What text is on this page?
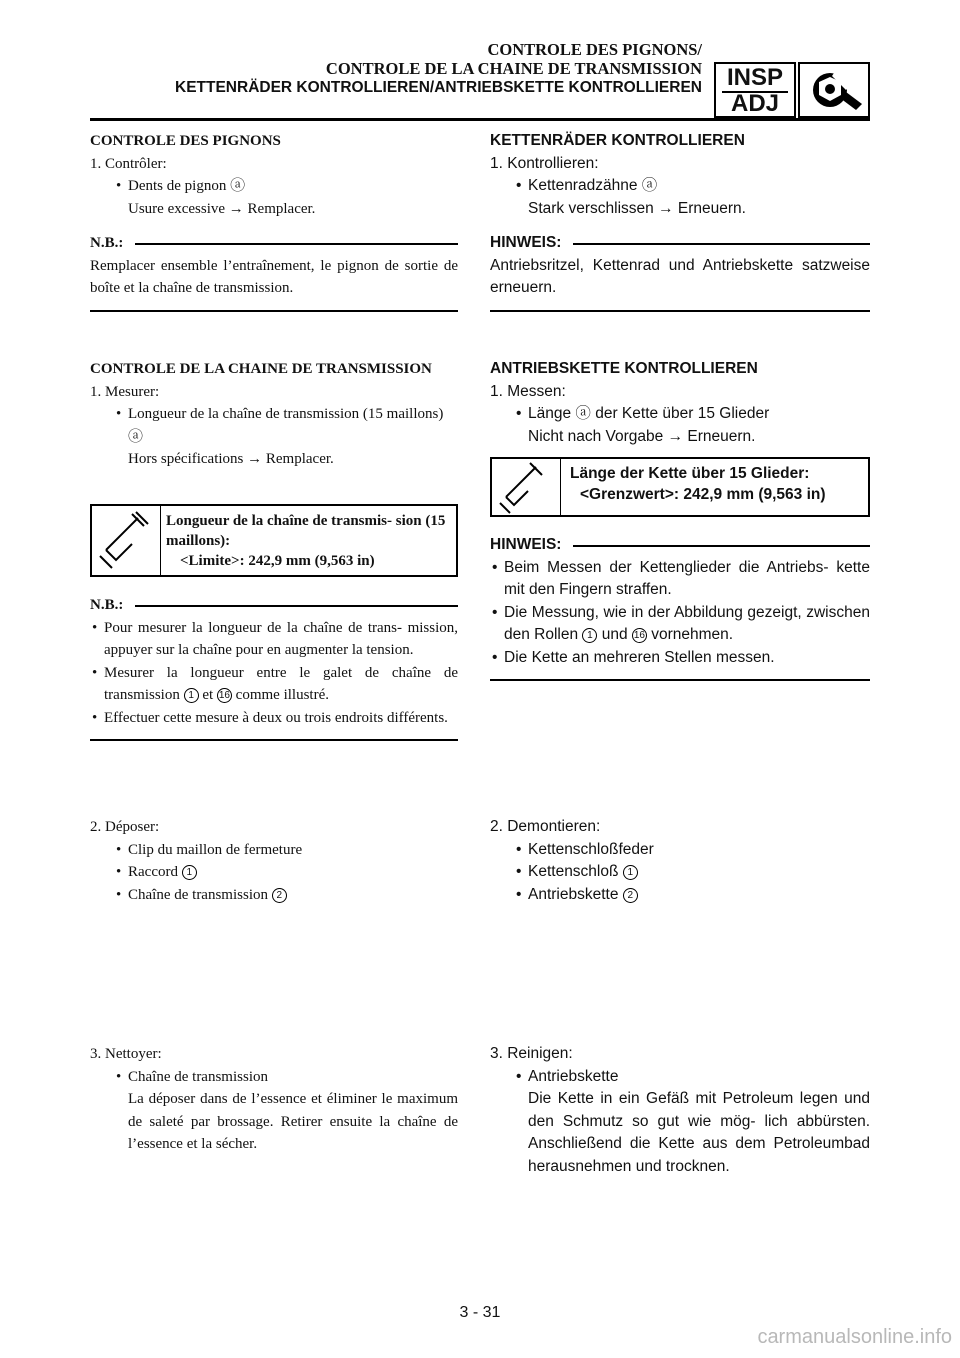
CONTROLE DES PIGNONS/
CONTROLE DE LA CHAINE DE TRANSMISSION
KETTENRÄDER KONTROLLIEREN/ANTRIEBSKETTE KONTROLLIEREN	INSP
ADJ
CONTROLE DES PIGNONS
1. Contrôler:
• Dents de pignon ⓐ
Usure excessive → Remplacer.
N.B.:
Remplacer ensemble l’entraînement, le pignon de sortie de boîte et la chaîne de transmission.
CONTROLE DE LA CHAINE DE TRANSMISSION
1. Mesurer:
• Longueur de la chaîne de transmission (15 maillons) ⓐ
Hors spécifications → Remplacer.
Longueur de la chaîne de transmis- sion (15 maillons):
<Limite>: 242,9 mm (9,563 in)
N.B.:
• Pour mesurer la longueur de la chaîne de trans- mission, appuyer sur la chaîne pour en augmenter la tension.
• Mesurer la longueur entre le galet de chaîne de transmission 1 et 16 comme illustré.
• Effectuer cette mesure à deux ou trois endroits différents.
2. Déposer:
• Clip du maillon de fermeture
• Raccord 1
• Chaîne de transmission 2
3. Nettoyer:
• Chaîne de transmission
La déposer dans de l’essence et éliminer le maximum de saleté par brossage. Retirer ensuite la chaîne de l’essence et la sécher.
KETTENRÄDER KONTROLLIEREN
1. Kontrollieren:
• Kettenradzähne ⓐ
Stark verschlissen → Erneuern.
HINWEIS:
Antriebsritzel, Kettenrad und Antriebskette satzweise erneuern.
ANTRIEBSKETTE KONTROLLIEREN
1. Messen:
• Länge ⓐ der Kette über 15 Glieder
Nicht nach Vorgabe → Erneuern.
Länge der Kette über 15 Glieder:
<Grenzwert>: 242,9 mm (9,563 in)
HINWEIS:
• Beim Messen der Kettenglieder die Antriebs- kette mit den Fingern straffen.
• Die Messung, wie in der Abbildung gezeigt, zwischen den Rollen 1 und 16 vornehmen.
• Die Kette an mehreren Stellen messen.
2. Demontieren:
• Kettenschloßfeder
• Kettenschloß 1
• Antriebskette 2
3. Reinigen:
• Antriebskette
Die Kette in ein Gefäß mit Petroleum legen und den Schmutz so gut wie mög- lich abbürsten. Anschließend die Kette aus dem Petroleumbad herausnehmen und trocknen.
3 - 31
carmanualsonline.info
